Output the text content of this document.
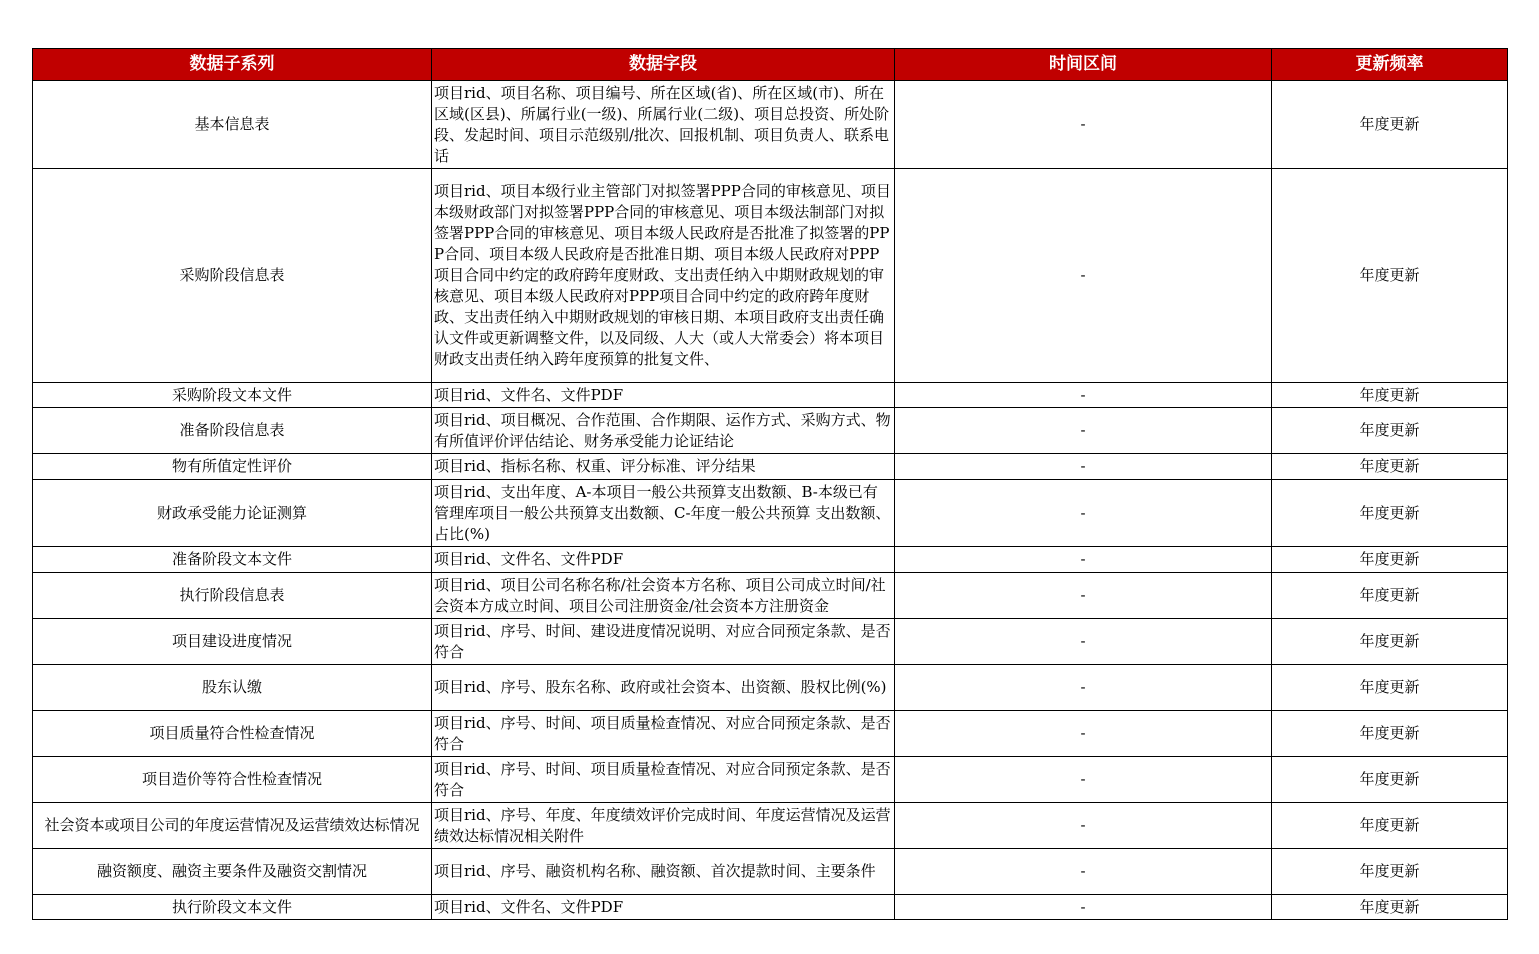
数据子系列	数据字段	时间区间	更新频率
基本信息表	项目rid、项目名称、项目编号、所在区域(省)、所在区域(市)、所在区域(区县)、所属行业(一级)、所属行业(二级)、项目总投资、所处阶段、发起时间、项目示范级别/批次、回报机制、项目负责人、联系电话	-	年度更新
采购阶段信息表	项目rid、项目本级行业主管部门对拟签署PPP合同的审核意见、项目本级财政部门对拟签署PPP合同的审核意见、项目本级法制部门对拟签署PPP合同的审核意见、项目本级人民政府是否批准了拟签署的PPP合同、项目本级人民政府是否批准日期、项目本级人民政府对PPP项目合同中约定的政府跨年度财政、支出责任纳入中期财政规划的审核意见、项目本级人民政府对PPP项目合同中约定的政府跨年度财政、支出责任纳入中期财政规划的审核日期、本项目政府支出责任确认文件或更新调整文件，以及同级、人大（或人大常委会）将本项目财政支出责任纳入跨年度预算的批复文件、	-	年度更新
采购阶段文本文件	项目rid、文件名、文件PDF	-	年度更新
准备阶段信息表	项目rid、项目概况、合作范围、合作期限、运作方式、采购方式、物有所值评价评估结论、财务承受能力论证结论	-	年度更新
物有所值定性评价	项目rid、指标名称、权重、评分标准、评分结果	-	年度更新
财政承受能力论证测算	项目rid、支出年度、A-本项目一般公共预算支出数额、B-本级已有管理库项目一般公共预算支出数额、C-年度一般公共预算 支出数额、占比(%)	-	年度更新
准备阶段文本文件	项目rid、文件名、文件PDF	-	年度更新
执行阶段信息表	项目rid、项目公司名称名称/社会资本方名称、项目公司成立时间/社会资本方成立时间、项目公司注册资金/社会资本方注册资金	-	年度更新
项目建设进度情况	项目rid、序号、时间、建设进度情况说明、对应合同预定条款、是否符合	-	年度更新
股东认缴	项目rid、序号、股东名称、政府或社会资本、出资额、股权比例(%)	-	年度更新
项目质量符合性检查情况	项目rid、序号、时间、项目质量检查情况、对应合同预定条款、是否符合	-	年度更新
项目造价等符合性检查情况	项目rid、序号、时间、项目质量检查情况、对应合同预定条款、是否符合	-	年度更新
社会资本或项目公司的年度运营情况及运营绩效达标情况	项目rid、序号、年度、年度绩效评价完成时间、年度运营情况及运营绩效达标情况相关附件	-	年度更新
融资额度、融资主要条件及融资交割情况	项目rid、序号、融资机构名称、融资额、首次提款时间、主要条件	-	年度更新
执行阶段文本文件	项目rid、文件名、文件PDF	-	年度更新
